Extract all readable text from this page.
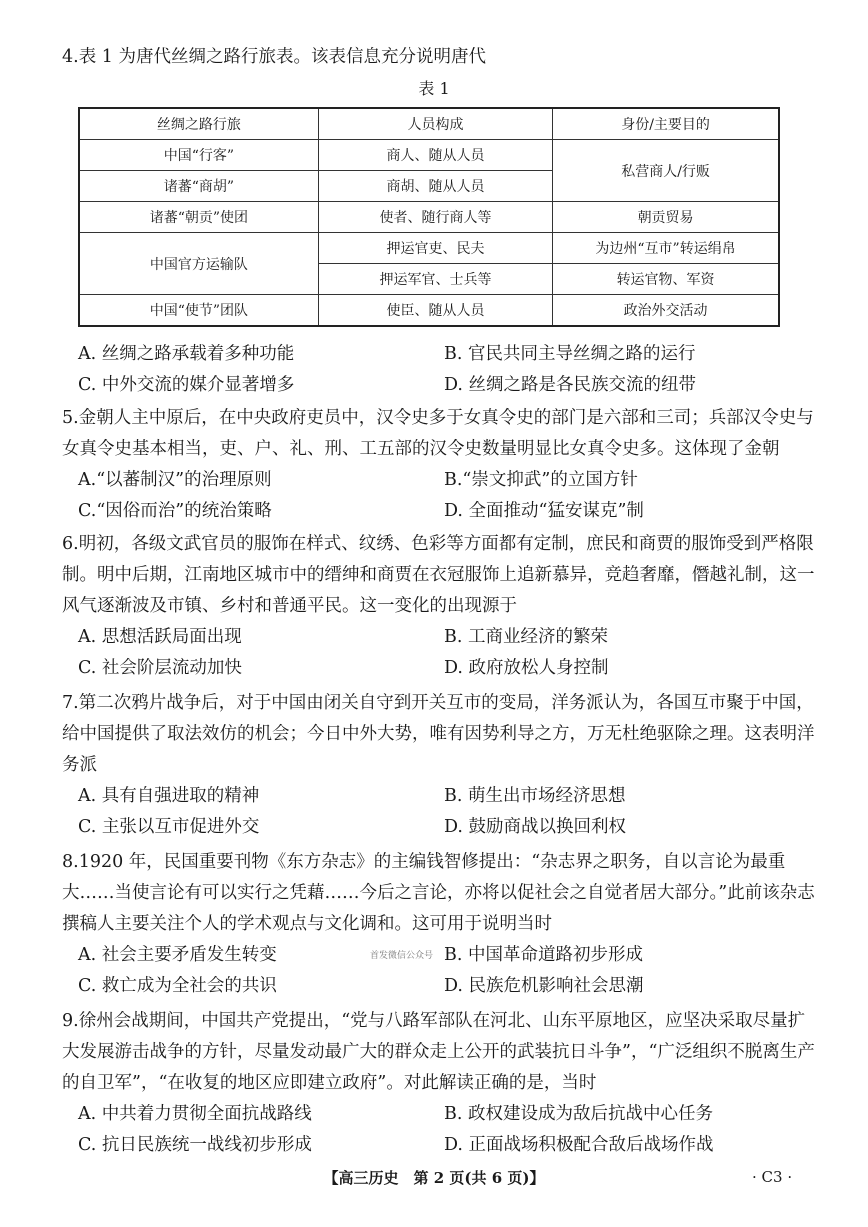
4.表 1 为唐代丝绸之路行旅表。该表信息充分说明唐代

表 1
丝绸之路行旅	人员构成	身份/主要目的
中国“行客”	商人、随从人员	私营商人/行贩
诸蕃“商胡”	商胡、随从人员	
诸蕃“朝贡”使团	使者、随行商人等	朝贡贸易
中国官方运输队	押运官吏、民夫	为边州“互市”转运绢帛
	押运军官、士兵等	转运官物、军资
中国“使节”团队	使臣、随从人员	政治外交活动
A. 丝绸之路承载着多种功能	B. 官民共同主导丝绸之路的运行
C. 中外交流的媒介显著增多	D. 丝绸之路是各民族交流的纽带

5.金朝人主中原后，在中央政府吏员中，汉令史多于女真令史的部门是六部和三司；兵部汉令史与女真令史基本相当，吏、户、礼、刑、工五部的汉令史数量明显比女真令史多。这体现了金朝

A.“以蕃制汉”的治理原则	B.“崇文抑武”的立国方针
C.“因俗而治”的统治策略	D. 全面推动“猛安谋克”制

6.明初，各级文武官员的服饰在样式、纹绣、色彩等方面都有定制，庶民和商贾的服饰受到严格限制。明中后期，江南地区城市中的缙绅和商贾在衣冠服饰上追新慕异，竞趋奢靡，僭越礼制，这一风气逐渐波及市镇、乡村和普通平民。这一变化的出现源于

A. 思想活跃局面出现	B. 工商业经济的繁荣
C. 社会阶层流动加快	D. 政府放松人身控制

7.第二次鸦片战争后，对于中国由闭关自守到开关互市的变局，洋务派认为，各国互市聚于中国，给中国提供了取法效仿的机会；今日中外大势，唯有因势利导之方，万无杜绝驱除之理。这表明洋务派

A. 具有自强进取的精神	B. 萌生出市场经济思想
C. 主张以互市促进外交	D. 鼓励商战以换回利权

8.1920 年，民国重要刊物《东方杂志》的主编钱智修提出：“杂志界之职务，自以言论为最重大……当使言论有可以实行之凭藉……今后之言论，亦将以促社会之自觉者居大部分。”此前该杂志撰稿人主要关注个人的学术观点与文化调和。这可用于说明当时

A. 社会主要矛盾发生转变	B. 中国革命道路初步形成
C. 救亡成为全社会的共识	D. 民族危机影响社会思潮

9.徐州会战期间，中国共产党提出，“党与八路军部队在河北、山东平原地区，应坚决采取尽量扩大发展游击战争的方针，尽量发动最广大的群众走上公开的武装抗日斗争”，“广泛组织不脱离生产的自卫军”，“在收复的地区应即建立政府”。对此解读正确的是，当时

A. 中共着力贯彻全面抗战路线	B. 政权建设成为敌后抗战中心任务
C. 抗日民族统一战线初步形成	D. 正面战场积极配合敌后战场作战
首发微信公众号
【高三历史　第 2 页(共 6 页)】	· C3 ·
